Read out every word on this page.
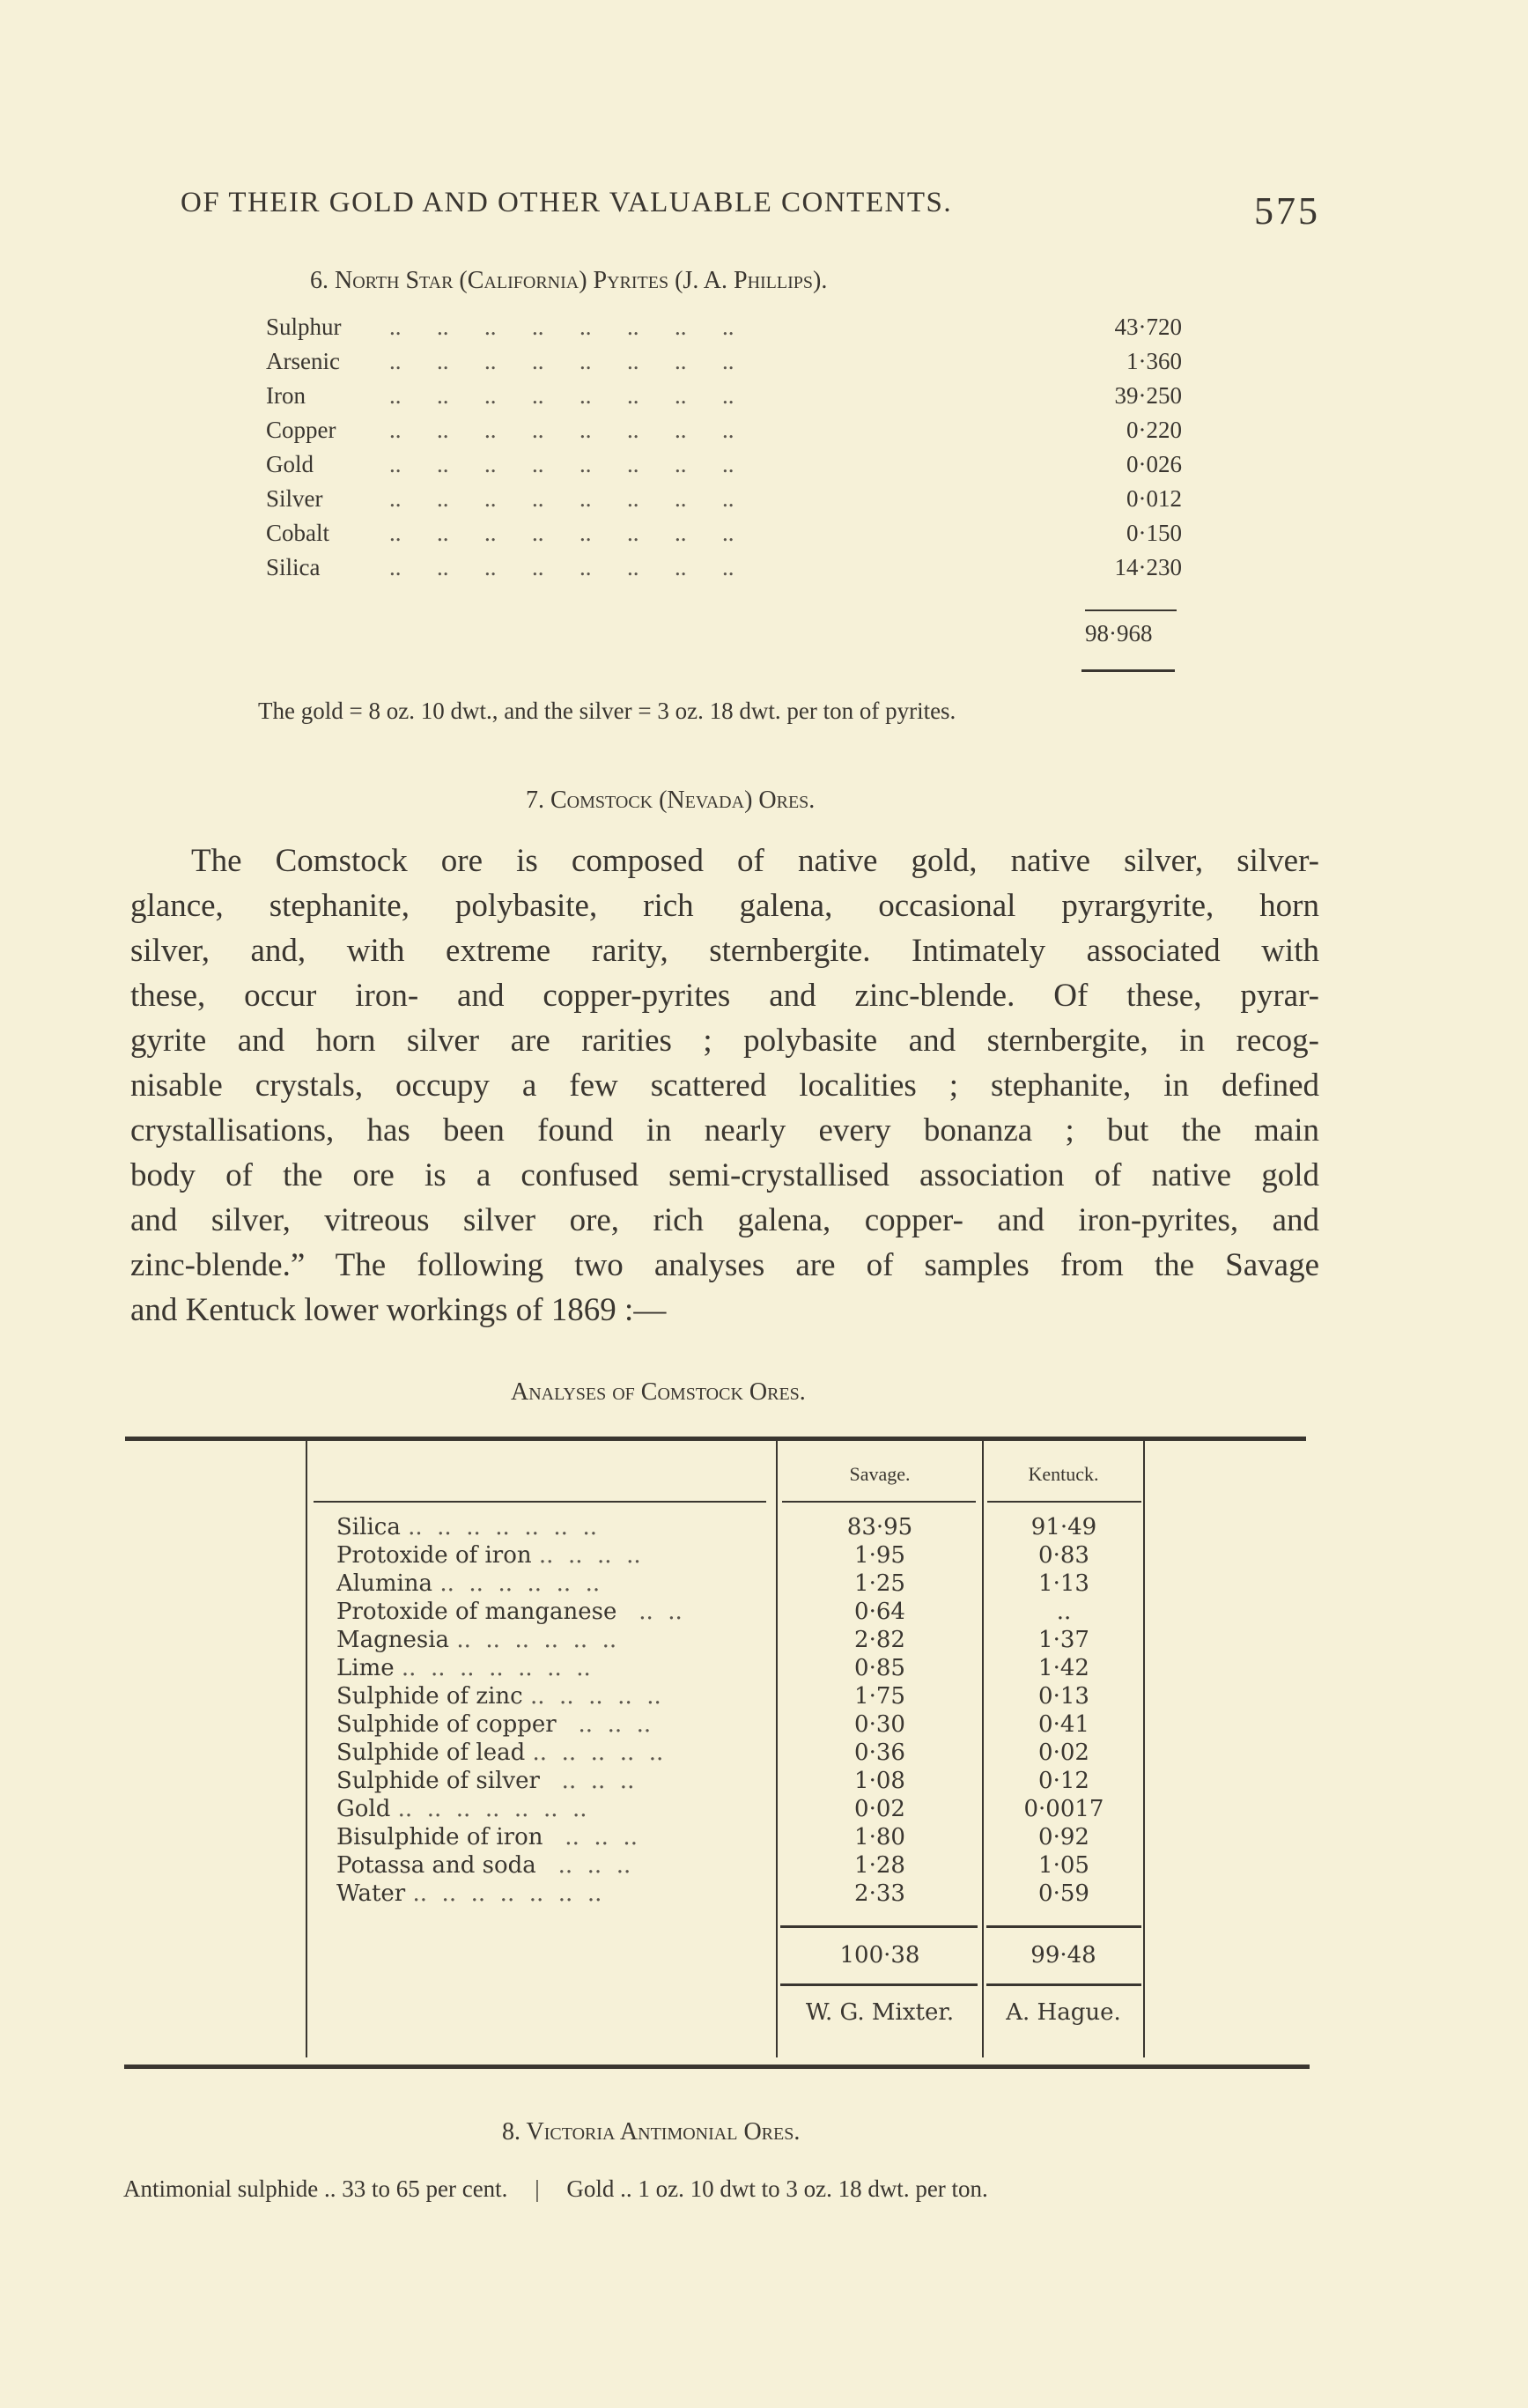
OF THEIR GOLD AND OTHER VALUABLE CONTENTS.	575
6. North Star (California) Pyrites (J. A. Phillips).
Sulphur ..      ..      ..      ..      ..      ..      ..      ..	43·720
Arsenic ..      ..      ..      ..      ..      ..      ..      ..	1·360
Iron	..      ..      ..      ..      ..      ..      ..      ..	39·250
Copper ..      ..      ..      ..      ..      ..      ..      ..	0·220
Gold	..      ..      ..      ..      ..      ..      ..      ..	0·026
Silver	..      ..      ..      ..      ..      ..      ..      ..	0·012
Cobalt	..      ..      ..      ..      ..      ..      ..      ..	0·150
Silica	..      ..      ..      ..      ..      ..      ..      ..	14·230
98·968
The gold = 8 oz. 10 dwt., and the silver = 3 oz. 18 dwt. per ton of pyrites.
7. Comstock (Nevada) Ores.
The Comstock ore is composed of native gold, native silver, silver-
glance, stephanite, polybasite, rich galena, occasional pyrargyrite, horn
silver, and, with extreme rarity, sternbergite. Intimately associated with
these, occur iron- and copper-pyrites and zinc-blende. Of these, pyrar-
gyrite and horn silver are rarities ; polybasite and sternbergite, in recog-
nisable crystals, occupy a few scattered localities ; stephanite, in defined
crystallisations, has been found in nearly every bonanza ; but the main
body of the ore is a confused semi-crystallised association of native gold
and silver, vitreous silver ore, rich galena, copper- and iron-pyrites, and
zinc-blende.” The following two analyses are of samples from the Savage
and Kentuck lower workings of 1869 :—
Analyses of Comstock Ores.
Savage.	Kentuck.
Silica ..  ..  ..  ..  ..  ..  ..	83·95	91·49
Protoxide of iron ..  ..  ..  ..	1·95	0·83
Alumina ..  ..  ..  ..  ..  ..	1·25	1·13
Protoxide of manganese   ..  ..	0·64	..
Magnesia ..  ..  ..  ..  ..  ..	2·82	1·37
Lime ..  ..  ..  ..  ..  ..  ..	0·85	1·42
Sulphide of zinc ..  ..  ..  ..  ..	1·75	0·13
Sulphide of copper   ..  ..  ..	0·30	0·41
Sulphide of lead ..  ..  ..  ..  ..	0·36	0·02
Sulphide of silver   ..  ..  ..	1·08	0·12
Gold ..  ..  ..  ..  ..  ..  ..	0·02	0·0017
Bisulphide of iron   ..  ..  ..	1·80	0·92
Potassa and soda   ..  ..  ..	1·28	1·05
Water ..  ..  ..  ..  ..  ..  ..	2·33	0·59
100·38	99·48
W. G. Mixter.	A. Hague.
8. Victoria Antimonial Ores.
Antimonial sulphide .. 33 to 65 per cent. | Gold .. 1 oz. 10 dwt to 3 oz. 18 dwt. per ton.
